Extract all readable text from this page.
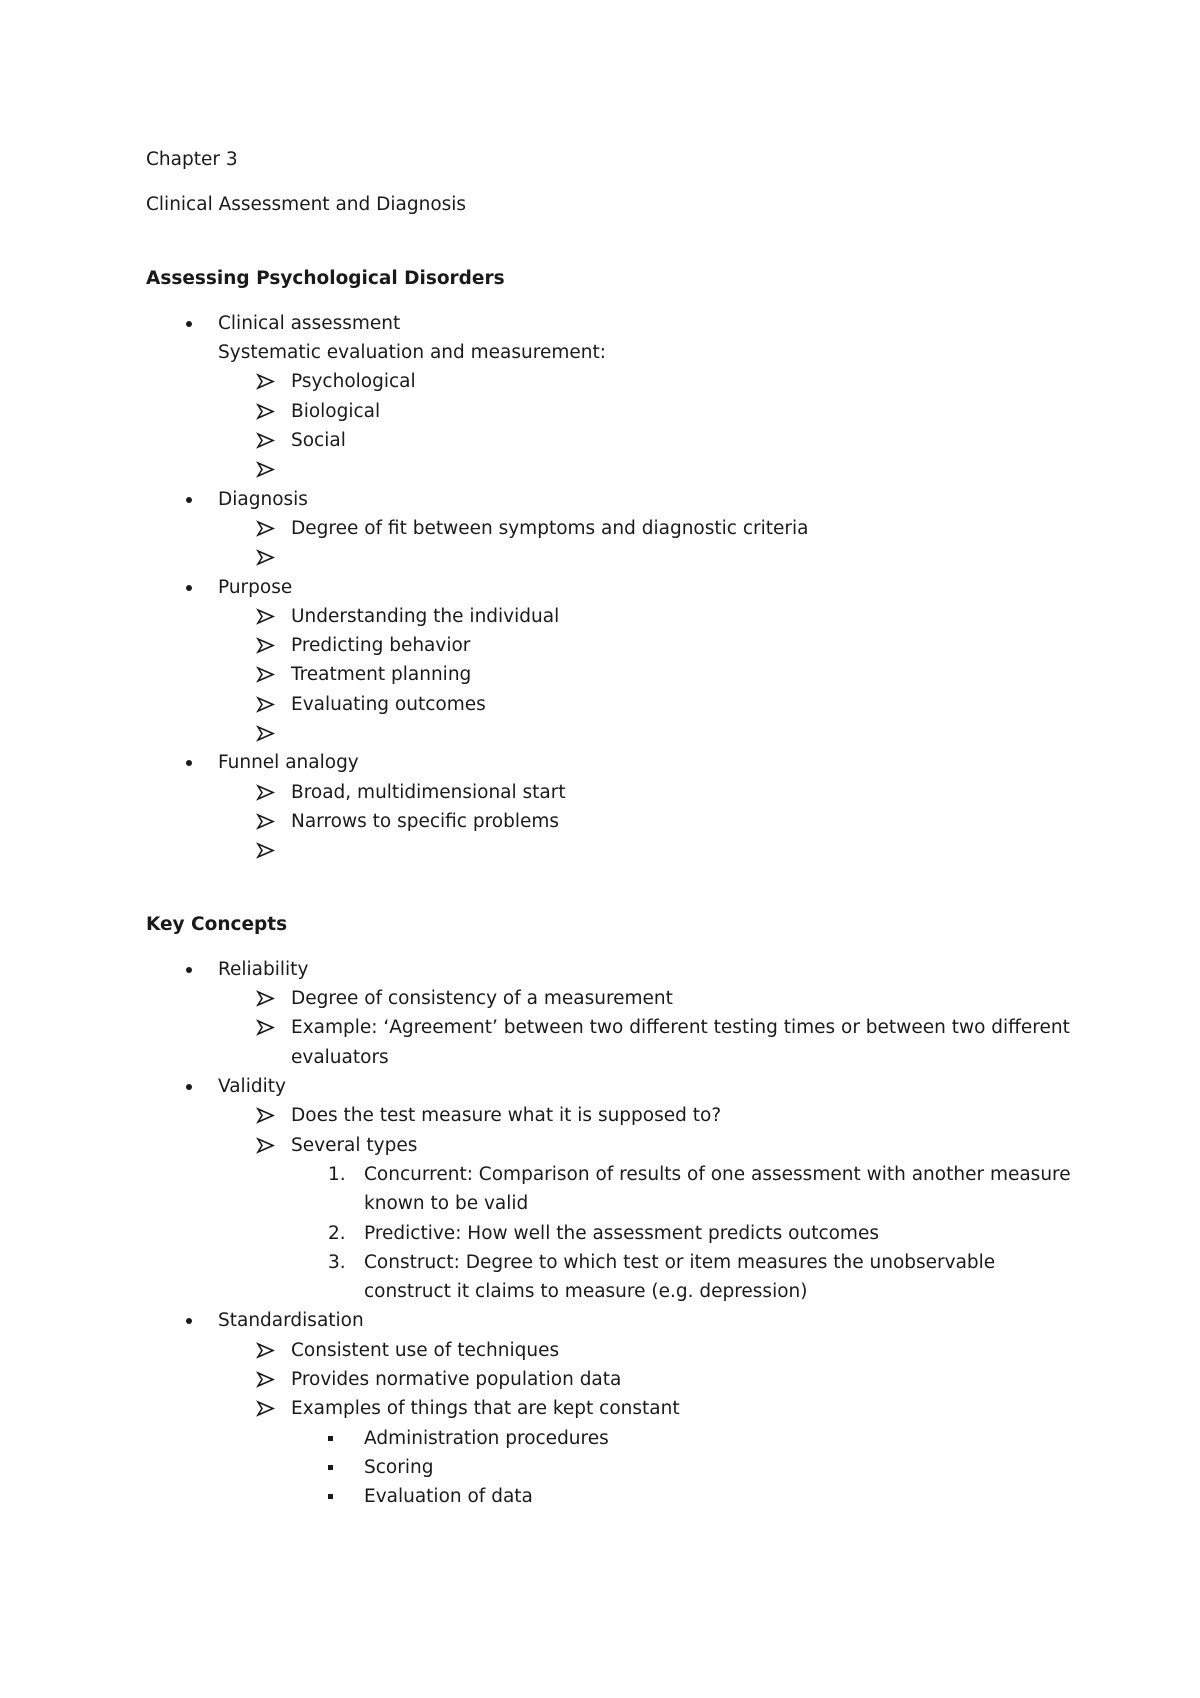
Chapter 3
Clinical Assessment and Diagnosis
Assessing Psychological Disorders
Clinical assessment
Systematic evaluation and measurement:
Psychological
Biological
Social
Diagnosis
Degree of fit between symptoms and diagnostic criteria
Purpose
Understanding the individual
Predicting behavior
Treatment planning
Evaluating outcomes
Funnel analogy
Broad, multidimensional start
Narrows to specific problems
Key Concepts
Reliability
Degree of consistency of a measurement
Example: ‘Agreement’ between two different testing times or between two different evaluators
Validity
Does the test measure what it is supposed to?
Several types
1. Concurrent: Comparison of results of one assessment with another measure known to be valid
2. Predictive: How well the assessment predicts outcomes
3. Construct: Degree to which test or item measures the unobservable construct it claims to measure (e.g. depression)
Standardisation
Consistent use of techniques
Provides normative population data
Examples of things that are kept constant
Administration procedures
Scoring
Evaluation of data
